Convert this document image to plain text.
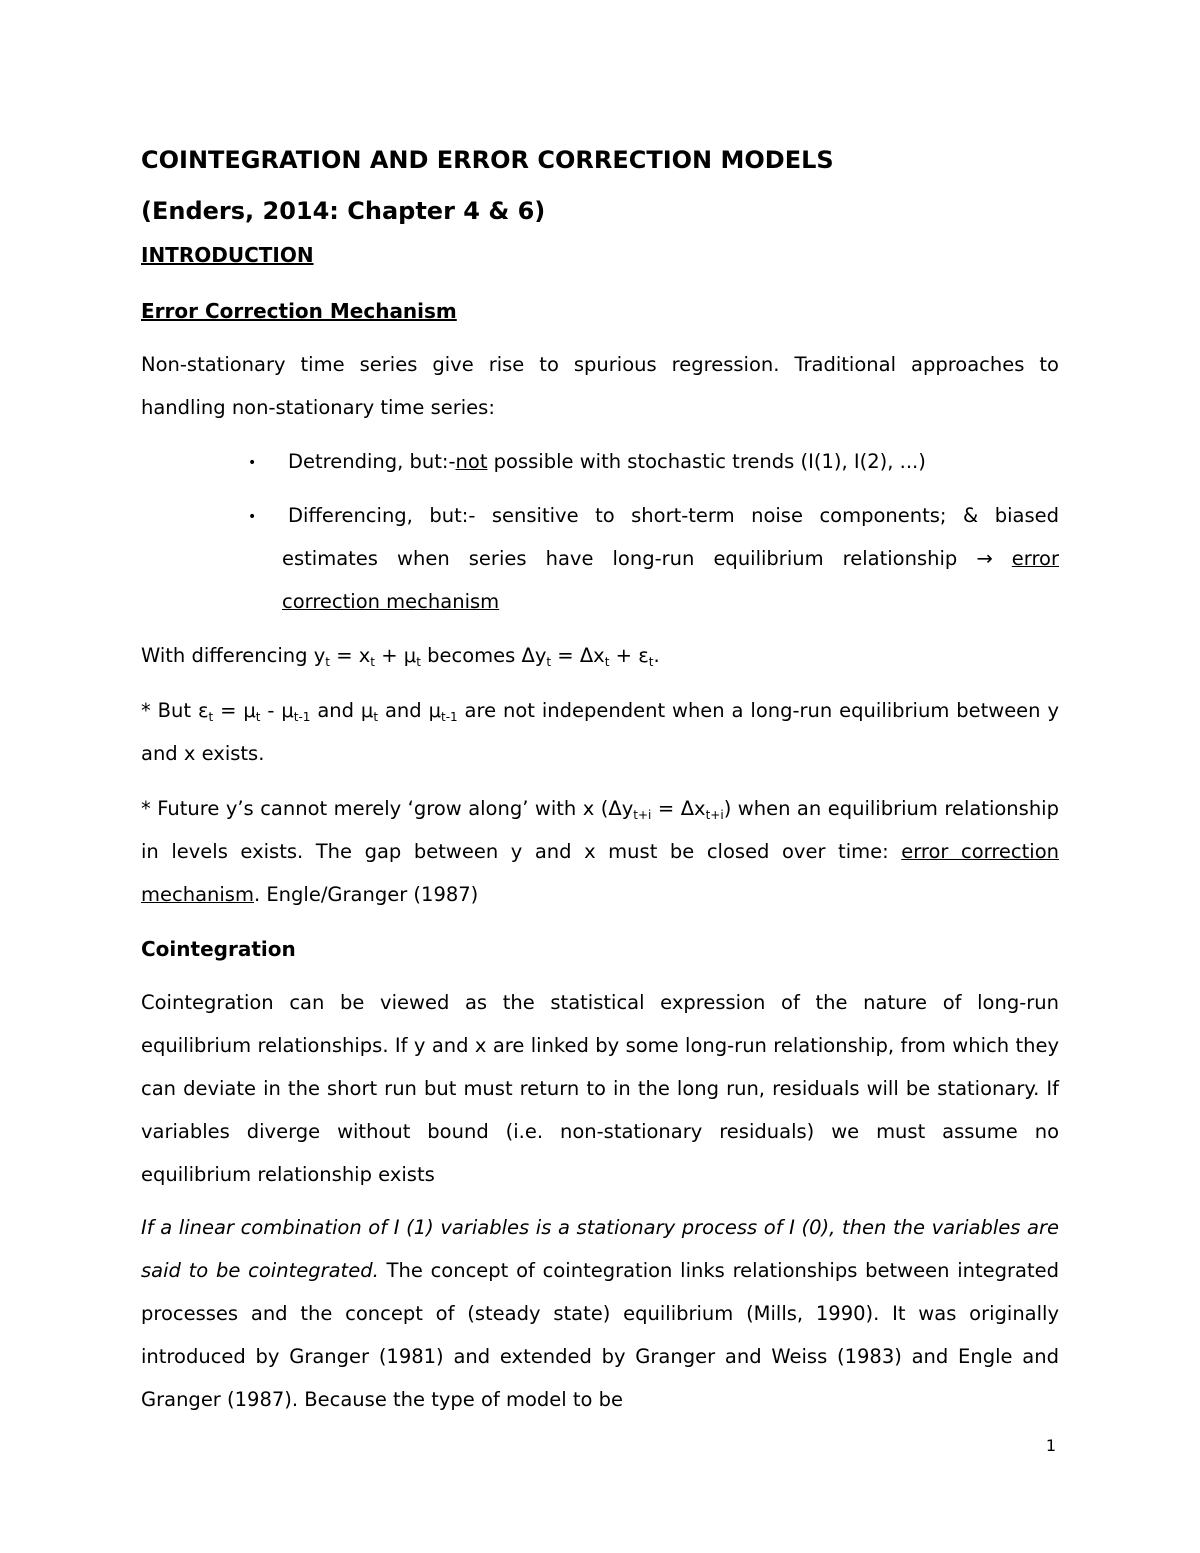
COINTEGRATION AND ERROR CORRECTION MODELS
(Enders, 2014: Chapter 4 & 6)
INTRODUCTION
Error Correction Mechanism

Non-stationary time series give rise to spurious regression. Traditional approaches to handling non-stationary time series:

• Detrending, but:-not possible with stochastic trends (I(1), I(2), ...)

•	Differencing, but:- sensitive to short-term noise components; & biased estimates when series have long-run equilibrium relationship → error correction mechanism

With differencing $y_t = x_t + \mu_t$ becomes $\Delta y_t = \Delta x_t + \varepsilon_t$.

* But $\varepsilon_t = \mu_t - \mu_{t-1}$ and $\mu_t$ and $\mu_{t-1}$ are not independent when a long-run equilibrium between y and x exists.

* Future y’s cannot merely ‘grow along’ with x $(\Delta y_{t+i} = \Delta x_{t+i})$ when an equilibrium relationship in levels exists. The gap between y and x must be closed over time: error correction mechanism. Engle/Granger (1987)

Cointegration

Cointegration can be viewed as the statistical expression of the nature of long-run equilibrium relationships. If y and x are linked by some long-run relationship, from which they can deviate in the short run but must return to in the long run, residuals will be stationary. If variables diverge without bound (i.e. non-stationary residuals) we must assume no equilibrium relationship exists

If a linear combination of I (1) variables is a stationary process of I (0), then the variables are said to be cointegrated. The concept of cointegration links relationships between integrated processes and the concept of (steady state) equilibrium (Mills, 1990). It was originally introduced by Granger (1981) and extended by Granger and Weiss (1983) and Engle and Granger (1987). Because the type of model to be

1
